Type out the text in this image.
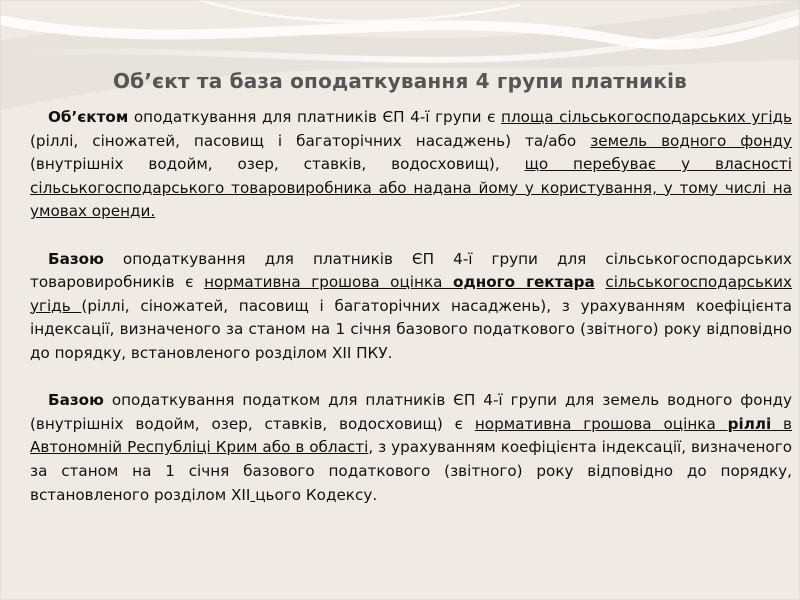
Об’єкт та база оподаткування 4 групи платників

Об’єктом оподаткування для платників ЄП 4-ї групи є площа сільськогосподарських угідь (ріллі, сіножатей, пасовищ і багаторічних насаджень) та/або земель водного фонду (внутрішніх водойм, озер, ставків, водосховищ), що перебуває у власності сільськогосподарського товаровиробника або надана йому у користування, у тому числі на умовах оренди.

Базою оподаткування для платників ЄП 4-ї групи для сільськогосподарських товаровиробників є нормативна грошова оцінка одного гектара сільськогосподарських угідь (ріллі, сіножатей, пасовищ і багаторічних насаджень), з урахуванням коефіцієнта індексації, визначеного за станом на 1 січня базового податкового (звітного) року відповідно до порядку, встановленого розділом XII ПКУ.

Базою оподаткування податком для платників ЄП 4-ї групи для земель водного фонду (внутрішніх водойм, озер, ставків, водосховищ) є нормативна грошова оцінка ріллі в Автономній Республіці Крим або в області, з урахуванням коефіцієнта індексації, визначеного за станом на 1 січня базового податкового (звітного) року відповідно до порядку, встановленого розділом XII цього Кодексу.
